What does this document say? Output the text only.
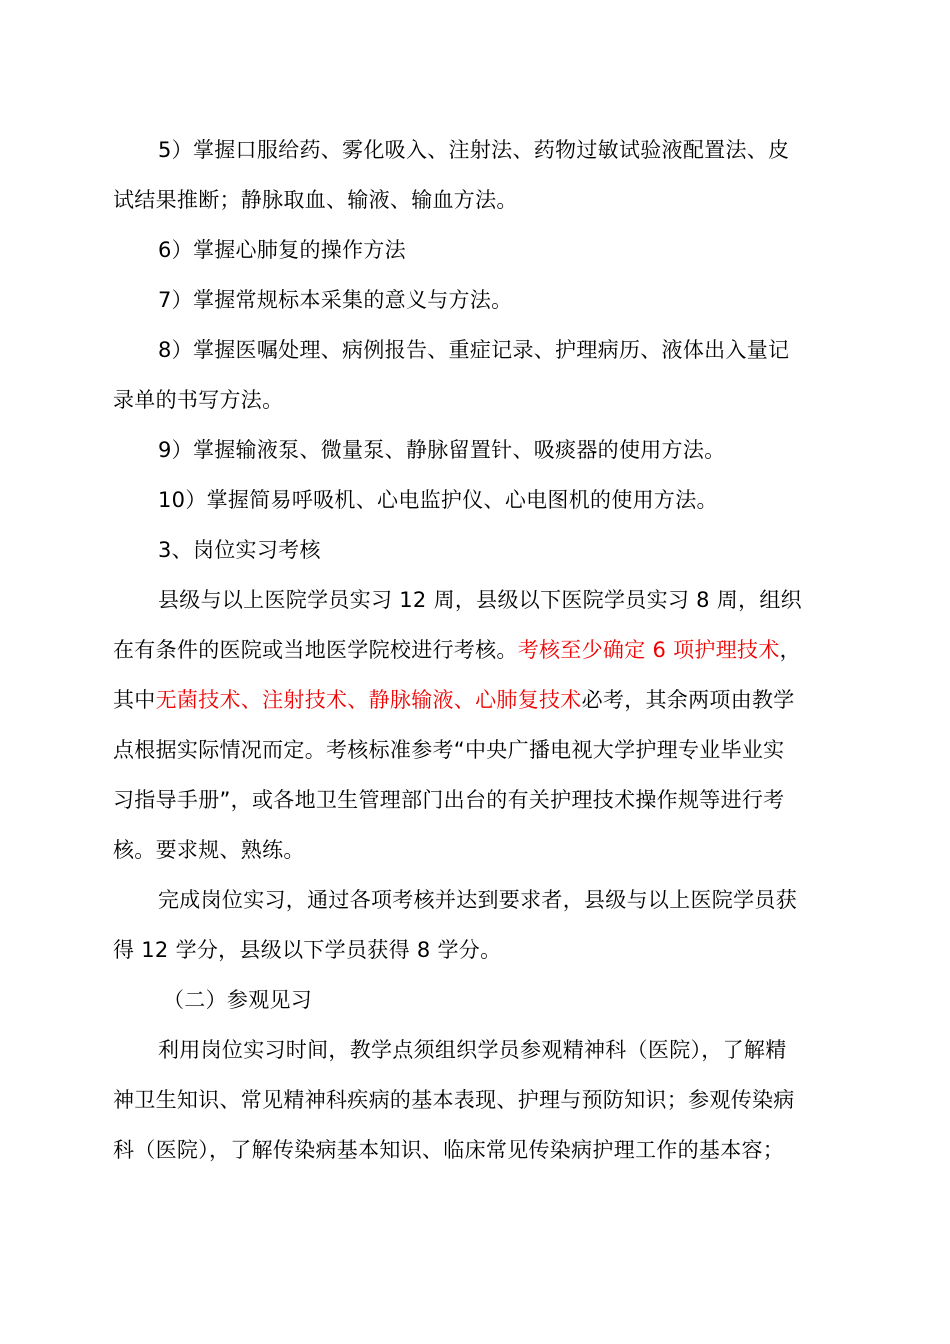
5）掌握口服给药、雾化吸入、注射法、药物过敏试验液配置法、皮
试结果推断；静脉取血、输液、输血方法。
6）掌握心肺复的操作方法
7）掌握常规标本采集的意义与方法。
8）掌握医嘱处理、病例报告、重症记录、护理病历、液体出入量记
录单的书写方法。
9）掌握输液泵、微量泵、静脉留置针、吸痰器的使用方法。
10）掌握简易呼吸机、心电监护仪、心电图机的使用方法。
3、岗位实习考核
县级与以上医院学员实习 12 周，县级以下医院学员实习 8 周，组织
在有条件的医院或当地医学院校进行考核。考核至少确定 6 项护理技术，
其中无菌技术、注射技术、静脉输液、心肺复技术必考，其余两项由教学
点根据实际情况而定。考核标准参考“中央广播电视大学护理专业毕业实
习指导手册”，或各地卫生管理部门出台的有关护理技术操作规等进行考
核。要求规、熟练。
完成岗位实习，通过各项考核并达到要求者，县级与以上医院学员获
得 12 学分，县级以下学员获得 8 学分。
（二）参观见习
利用岗位实习时间，教学点须组织学员参观精神科（医院），了解精
神卫生知识、常见精神科疾病的基本表现、护理与预防知识；参观传染病
科（医院），了解传染病基本知识、临床常见传染病护理工作的基本容；
